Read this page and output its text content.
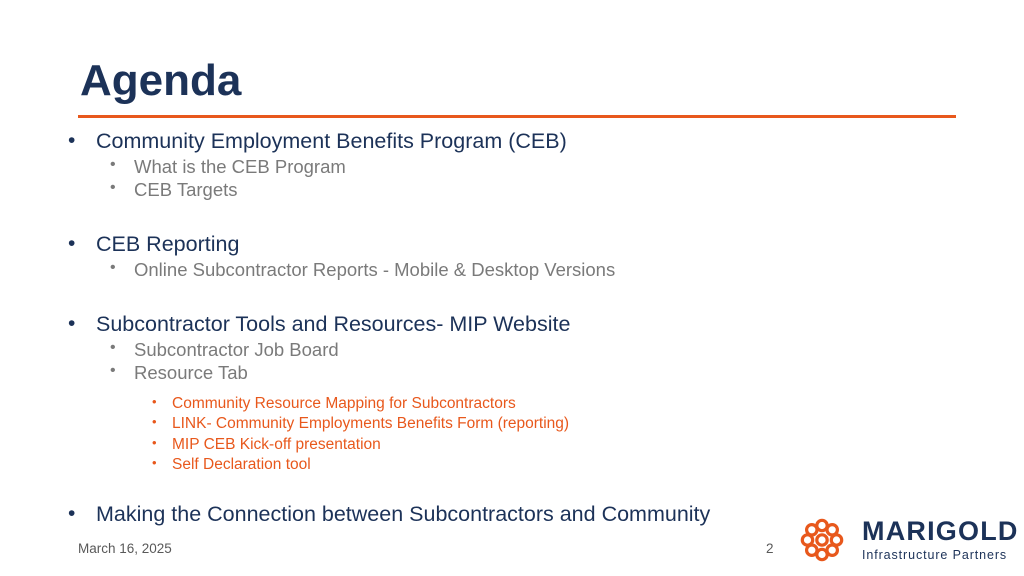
Agenda

• Community Employment Benefits Program (CEB)

• What is the CEB Program

• CEB Targets

• CEB Reporting

• Online Subcontractor Reports - Mobile & Desktop Versions

• Subcontractor Tools and Resources- MIP Website

• Subcontractor Job Board

• Resource Tab

• Community Resource Mapping for Subcontractors

• LINK- Community Employments Benefits Form (reporting)

• MIP CEB Kick-off presentation

• Self Declaration tool

• Making the Connection between Subcontractors and Community

March 16, 2025	2
MARIGOLD
Infrastructure Partners
